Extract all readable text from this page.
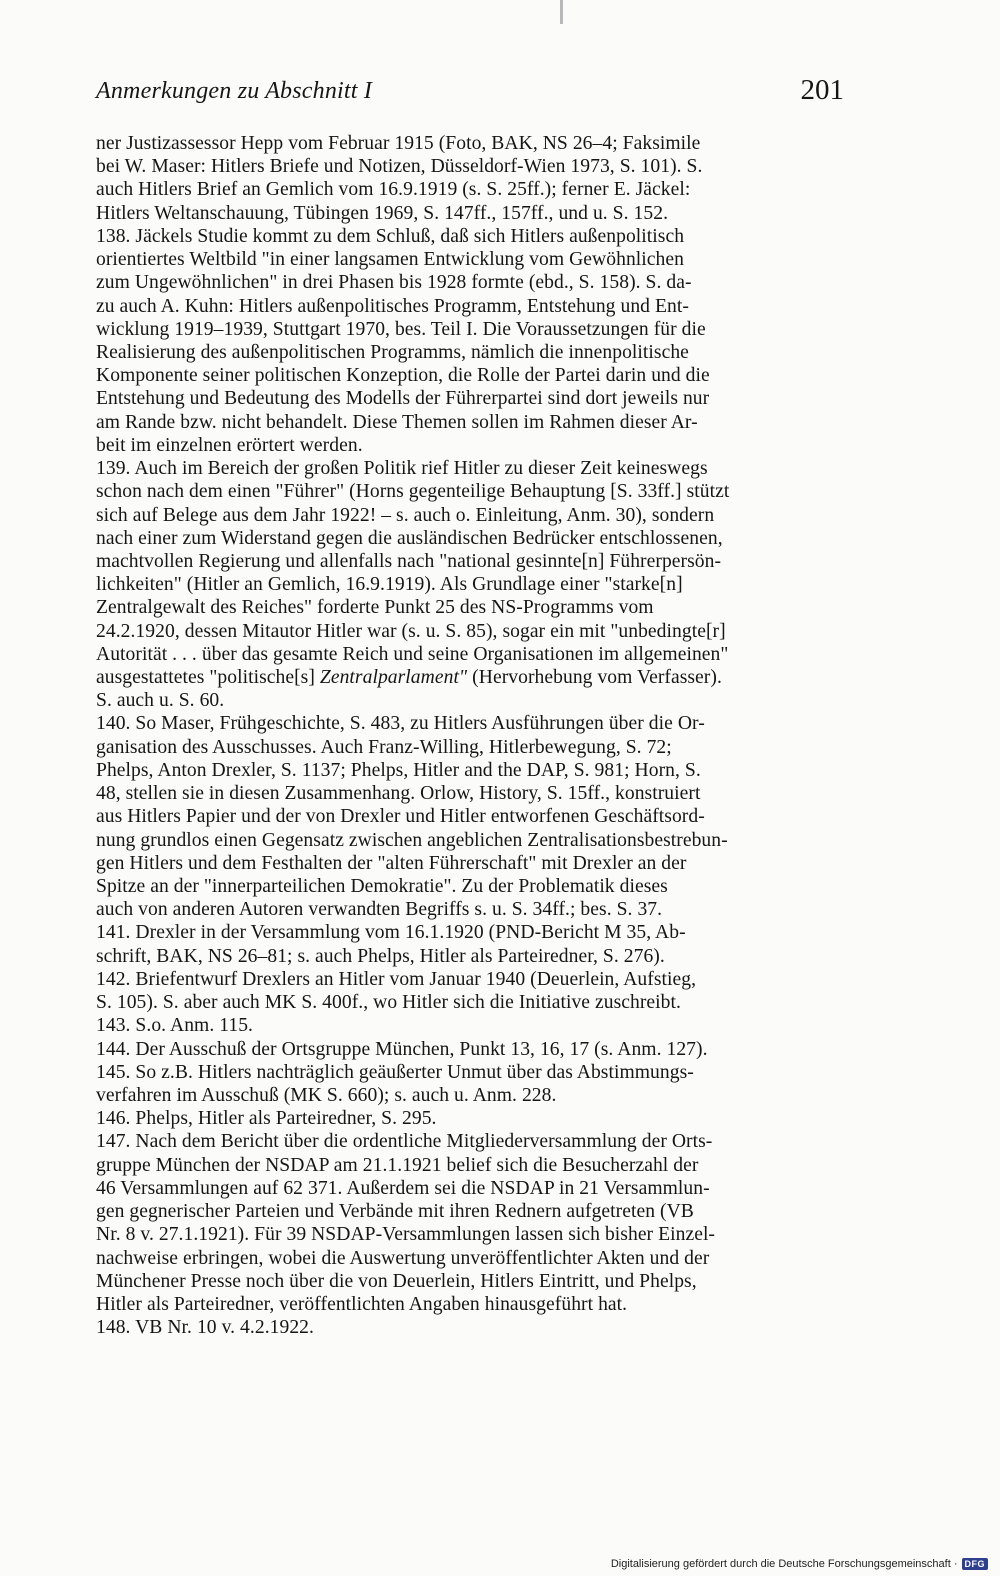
Anmerkungen zu Abschnitt I	201
ner Justizassessor Hepp vom Februar 1915 (Foto, BAK, NS 26–4; Faksimile
bei W. Maser: Hitlers Briefe und Notizen, Düsseldorf-Wien 1973, S. 101). S.
auch Hitlers Brief an Gemlich vom 16.9.1919 (s. S. 25ff.); ferner E. Jäckel:
Hitlers Weltanschauung, Tübingen 1969, S. 147ff., 157ff., und u. S. 152.
138. Jäckels Studie kommt zu dem Schluß, daß sich Hitlers außenpolitisch
orientiertes Weltbild "in einer langsamen Entwicklung vom Gewöhnlichen
zum Ungewöhnlichen" in drei Phasen bis 1928 formte (ebd., S. 158). S. da-
zu auch A. Kuhn: Hitlers außenpolitisches Programm, Entstehung und Ent-
wicklung 1919–1939, Stuttgart 1970, bes. Teil I. Die Voraussetzungen für die
Realisierung des außenpolitischen Programms, nämlich die innenpolitische
Komponente seiner politischen Konzeption, die Rolle der Partei darin und die
Entstehung und Bedeutung des Modells der Führerpartei sind dort jeweils nur
am Rande bzw. nicht behandelt. Diese Themen sollen im Rahmen dieser Ar-
beit im einzelnen erörtert werden.
139. Auch im Bereich der großen Politik rief Hitler zu dieser Zeit keineswegs
schon nach dem einen "Führer" (Horns gegenteilige Behauptung [S. 33ff.] stützt
sich auf Belege aus dem Jahr 1922! – s. auch o. Einleitung, Anm. 30), sondern
nach einer zum Widerstand gegen die ausländischen Bedrücker entschlossenen,
machtvollen Regierung und allenfalls nach "national gesinnte[n] Führerpersön-
lichkeiten" (Hitler an Gemlich, 16.9.1919). Als Grundlage einer "starke[n]
Zentralgewalt des Reiches" forderte Punkt 25 des NS-Programms vom
24.2.1920, dessen Mitautor Hitler war (s. u. S. 85), sogar ein mit "unbedingte[r]
Autorität . . . über das gesamte Reich und seine Organisationen im allgemeinen"
ausgestattetes "politische[s] Zentralparlament" (Hervorhebung vom Verfasser).
S. auch u. S. 60.
140. So Maser, Frühgeschichte, S. 483, zu Hitlers Ausführungen über die Or-
ganisation des Ausschusses. Auch Franz-Willing, Hitlerbewegung, S. 72;
Phelps, Anton Drexler, S. 1137; Phelps, Hitler and the DAP, S. 981; Horn, S.
48, stellen sie in diesen Zusammenhang. Orlow, History, S. 15ff., konstruiert
aus Hitlers Papier und der von Drexler und Hitler entworfenen Geschäftsord-
nung grundlos einen Gegensatz zwischen angeblichen Zentralisationsbestrebun-
gen Hitlers und dem Festhalten der "alten Führerschaft" mit Drexler an der
Spitze an der "innerparteilichen Demokratie". Zu der Problematik dieses
auch von anderen Autoren verwandten Begriffs s. u. S. 34ff.; bes. S. 37.
141. Drexler in der Versammlung vom 16.1.1920 (PND-Bericht M 35, Ab-
schrift, BAK, NS 26–81; s. auch Phelps, Hitler als Parteiredner, S. 276).
142. Briefentwurf Drexlers an Hitler vom Januar 1940 (Deuerlein, Aufstieg,
S. 105). S. aber auch MK S. 400f., wo Hitler sich die Initiative zuschreibt.
143. S.o. Anm. 115.
144. Der Ausschuß der Ortsgruppe München, Punkt 13, 16, 17 (s. Anm. 127).
145. So z.B. Hitlers nachträglich geäußerter Unmut über das Abstimmungs-
verfahren im Ausschuß (MK S. 660); s. auch u. Anm. 228.
146. Phelps, Hitler als Parteiredner, S. 295.
147. Nach dem Bericht über die ordentliche Mitgliederversammlung der Orts-
gruppe München der NSDAP am 21.1.1921 belief sich die Besucherzahl der
46 Versammlungen auf 62 371. Außerdem sei die NSDAP in 21 Versammlun-
gen gegnerischer Parteien und Verbände mit ihren Rednern aufgetreten (VB
Nr. 8 v. 27.1.1921). Für 39 NSDAP-Versammlungen lassen sich bisher Einzel-
nachweise erbringen, wobei die Auswertung unveröffentlichter Akten und der
Münchener Presse noch über die von Deuerlein, Hitlers Eintritt, und Phelps,
Hitler als Parteiredner, veröffentlichten Angaben hinausgeführt hat.
148. VB Nr. 10 v. 4.2.1922.
Digitalisierung gefördert durch die Deutsche Forschungsgemeinschaft · DFG
